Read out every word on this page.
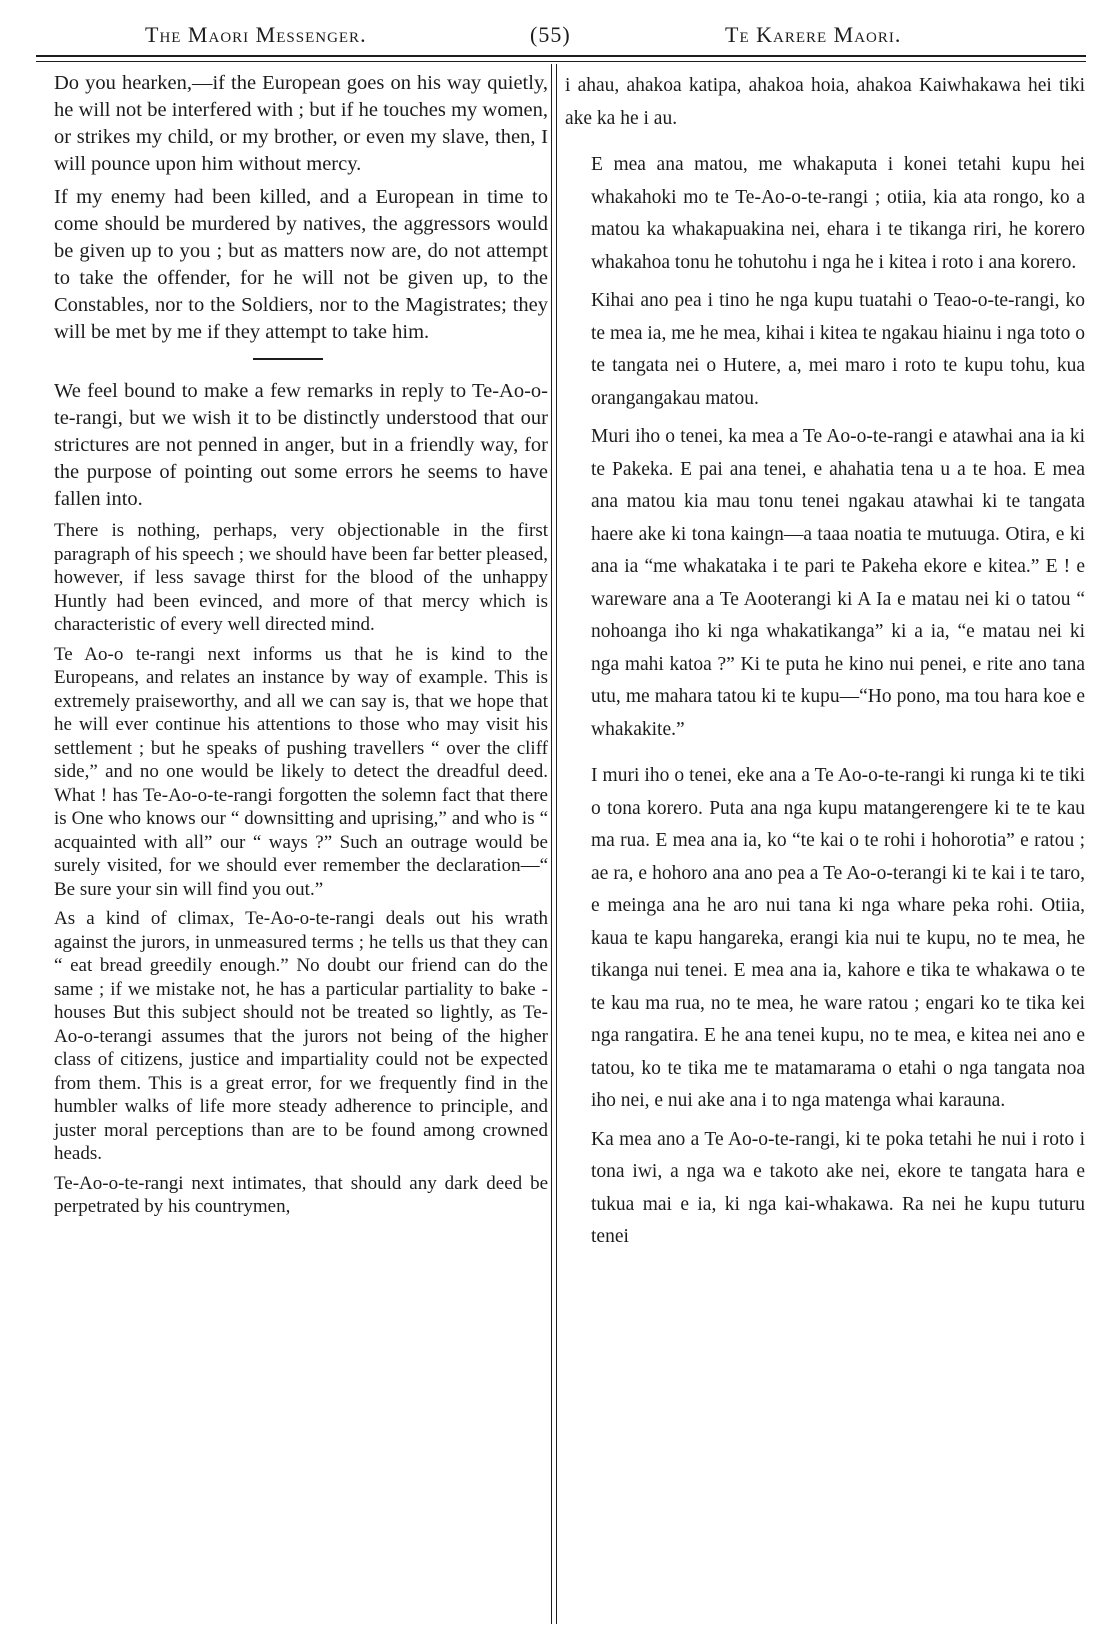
The Maori Messenger.	(55)	Te Karere Maori.

Do you hearken,—if the European goes on his way quietly, he will not be interfered with ; but if he touches my women, or strikes my child, or my brother, or even my slave, then, I will pounce upon him without mercy.

If my enemy had been killed, and a European in time to come should be murdered by natives, the aggressors would be given up to you ; but as matters now are, do not attempt to take the offender, for he will not be given up, to the Constables, nor to the Soldiers, nor to the Magistrates; they will be met by me if they attempt to take him.

We feel bound to make a few remarks in reply to Te-Ao-o-te-rangi, but we wish it to be distinctly understood that our strictures are not penned in anger, but in a friendly way, for the purpose of pointing out some errors he seems to have fallen into.

There is nothing, perhaps, very objectionable in the first paragraph of his speech ; we should have been far better pleased, however, if less savage thirst for the blood of the unhappy Huntly had been evinced, and more of that mercy which is characteristic of every well directed mind.

Te Ao-o te-rangi next informs us that he is kind to the Europeans, and relates an instance by way of example. This is extremely praiseworthy, and all we can say is, that we hope that he will ever continue his attentions to those who may visit his settlement ; but he speaks of pushing travellers “ over the cliff side,” and no one would be likely to detect the dreadful deed. What ! has Te-Ao-o-te-rangi forgotten the solemn fact that there is One who knows our “ downsitting and uprising,” and who is “ acquainted with all” our “ ways ?” Such an outrage would be surely visited, for we should ever remember the declaration—“ Be sure your sin will find you out.”

As a kind of climax, Te-Ao-o-te-rangi deals out his wrath against the jurors, in unmeasured terms ; he tells us that they can “ eat bread greedily enough.” No doubt our friend can do the same ; if we mistake not, he has a particular partiality to bake - houses But this subject should not be treated so lightly, as Te-Ao-o-terangi assumes that the jurors not being of the higher class of citizens, justice and impartiality could not be expected from them. This is a great error, for we frequently find in the humbler walks of life more steady adherence to principle, and juster moral perceptions than are to be found among crowned heads.

Te-Ao-o-te-rangi next intimates, that should any dark deed be perpetrated by his countrymen,

i ahau, ahakoa katipa, ahakoa hoia, ahakoa Kaiwhakawa hei tiki ake ka he i au.

E mea ana matou, me whakaputa i konei tetahi kupu hei whakahoki mo te Te-Ao-o-te-rangi ; otiia, kia ata rongo, ko a matou ka whakapuakina nei, ehara i te tikanga riri, he korero whakahoa tonu he tohutohu i nga he i kitea i roto i ana korero.

Kihai ano pea i tino he nga kupu tuatahi o Teao-o-te-rangi, ko te mea ia, me he mea, kihai i kitea te ngakau hiainu i nga toto o te tangata nei o Hutere, a, mei maro i roto te kupu tohu, kua orangangakau matou.

Muri iho o tenei, ka mea a Te Ao-o-te-rangi e atawhai ana ia ki te Pakeka. E pai ana tenei, e ahahatia tena u a te hoa. E mea ana matou kia mau tonu tenei ngakau atawhai ki te tangata haere ake ki tona kaingn—a taaa noatia te mutuuga. Otira, e ki ana ia “me whakataka i te pari te Pakeha ekore e kitea.” E ! e wareware ana a Te Aooterangi ki A Ia e matau nei ki o tatou “ nohoanga iho ki nga whakatikanga” ki a ia, “e matau nei ki nga mahi katoa ?” Ki te puta he kino nui penei, e rite ano tana utu, me mahara tatou ki te kupu—“Ho pono, ma tou hara koe e whakakite.”

I muri iho o tenei, eke ana a Te Ao-o-te-rangi ki runga ki te tiki o tona korero. Puta ana nga kupu matangerengere ki te te kau ma rua. E mea ana ia, ko “te kai o te rohi i hohorotia” e ratou ; ae ra, e hohoro ana ano pea a Te Ao-o-terangi ki te kai i te taro, e meinga ana he aro nui tana ki nga whare peka rohi. Otiia, kaua te kapu hangareka, erangi kia nui te kupu, no te mea, he tikanga nui tenei. E mea ana ia, kahore e tika te whakawa o te te kau ma rua, no te mea, he ware ratou ; engari ko te tika kei nga rangatira. E he ana tenei kupu, no te mea, e kitea nei ano e tatou, ko te tika me te matamarama o etahi o nga tangata noa iho nei, e nui ake ana i to nga matenga whai karauna.

Ka mea ano a Te Ao-o-te-rangi, ki te poka tetahi he nui i roto i tona iwi, a nga wa e takoto ake nei, ekore te tangata hara e tukua mai e ia, ki nga kai-whakawa. Ra nei he kupu tuturu tenei
